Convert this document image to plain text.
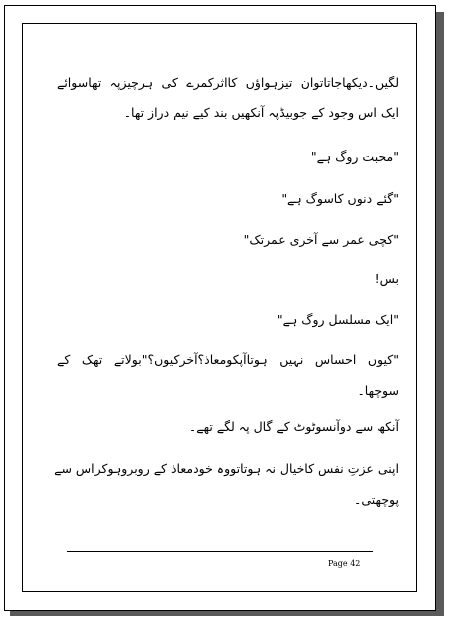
لگیں۔دیکھاجاتاتوان تیزہواؤں کااثرکمرے کی ہرچیزپہ تھاسوائے
ایک اس وجود کے جوبیڈپہ آنکھیں بند کیے نیم دراز تھا۔
"محبت روگ ہے"
"گئے دنوں کاسوگ ہے"
"کچی عمر سے آخری عمرتک"
بس!
"ایک مسلسل روگ ہے"
"کیوں احساس نہیں ہوتاآپکومعاذ؟آخرکیوں؟"بولاتے تھک کے
سوچھا۔
آنکھ سے دوآنسوٹوٹ کے گال پہ لگے تھے۔
اپنی عزتِ نفس کاخیال نہ ہوتاتووہ خودمعاذ کے روبروہوکراس سے
پوچھتی۔
Page 42
